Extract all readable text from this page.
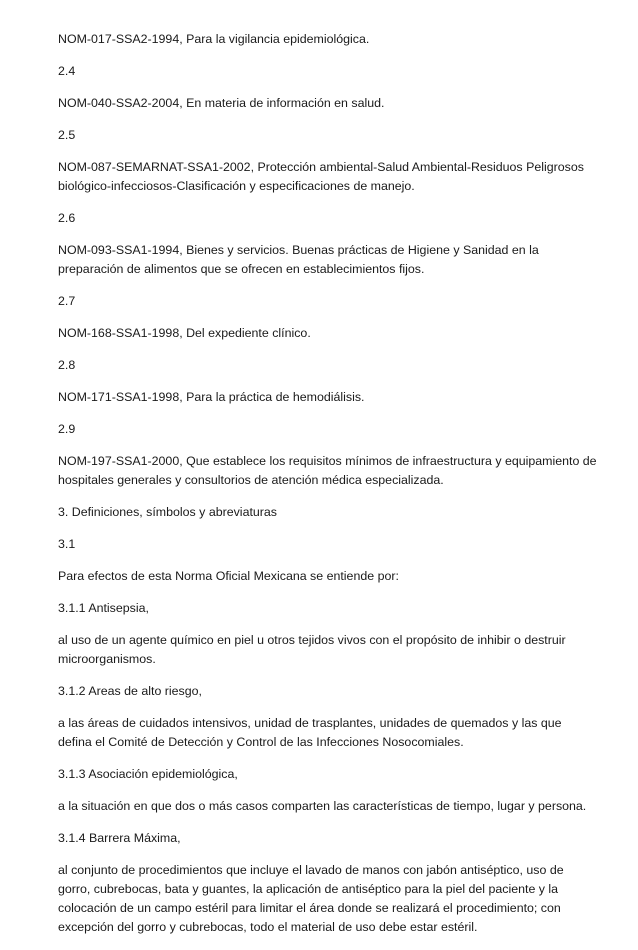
NOM-017-SSA2-1994, Para la vigilancia epidemiológica.

2.4

NOM-040-SSA2-2004, En materia de información en salud.

2.5

NOM-087-SEMARNAT-SSA1-2002, Protección ambiental-Salud Ambiental-Residuos Peligrosos biológico-infecciosos-Clasificación y especificaciones de manejo.

2.6

NOM-093-SSA1-1994, Bienes y servicios. Buenas prácticas de Higiene y Sanidad en la preparación de alimentos que se ofrecen en establecimientos fijos.

2.7

NOM-168-SSA1-1998, Del expediente clínico.

2.8

NOM-171-SSA1-1998, Para la práctica de hemodiálisis.

2.9

NOM-197-SSA1-2000, Que establece los requisitos mínimos de infraestructura y equipamiento de hospitales generales y consultorios de atención médica especializada.

3. Definiciones, símbolos y abreviaturas

3.1

Para efectos de esta Norma Oficial Mexicana se entiende por:

3.1.1 Antisepsia,

al uso de un agente químico en piel u otros tejidos vivos con el propósito de inhibir o destruir microorganismos.

3.1.2 Areas de alto riesgo,

a las áreas de cuidados intensivos, unidad de trasplantes, unidades de quemados y las que defina el Comité de Detección y Control de las Infecciones Nosocomiales.

3.1.3 Asociación epidemiológica,

a la situación en que dos o más casos comparten las características de tiempo, lugar y persona.

3.1.4 Barrera Máxima,

al conjunto de procedimientos que incluye el lavado de manos con jabón antiséptico, uso de gorro, cubrebocas, bata y guantes, la aplicación de antiséptico para la piel del paciente y la colocación de un campo estéril para limitar el área donde se realizará el procedimiento; con excepción del gorro y cubrebocas, todo el material de uso debe estar estéril.
